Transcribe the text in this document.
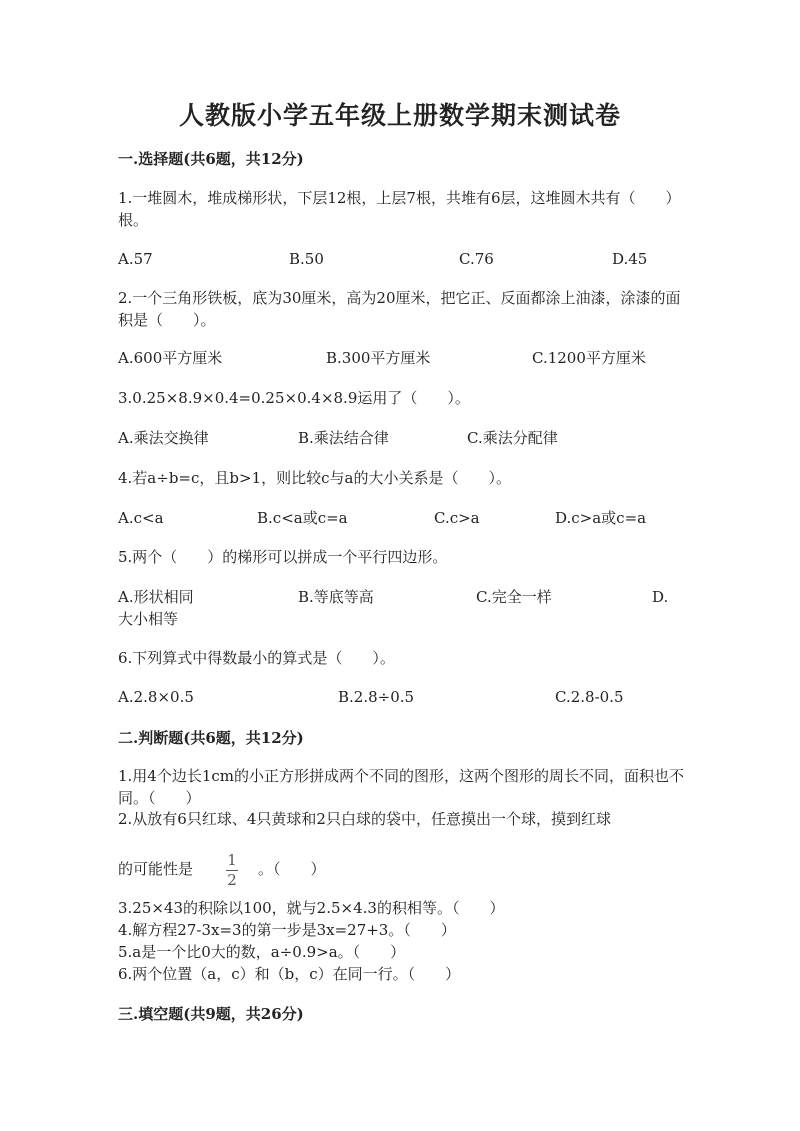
人教版小学五年级上册数学期末测试卷
一.选择题(共6题，共12分)
1.一堆圆木，堆成梯形状，下层12根，上层7根，共堆有6层，这堆圆木共有（　　）根。
A.57	B.50	C.76	D.45
2.一个三角形铁板，底为30厘米，高为20厘米，把它正、反面都涂上油漆，涂漆的面积是（　　）。
A.600平方厘米	B.300平方厘米	C.1200平方厘米
3.0.25×8.9×0.4=0.25×0.4×8.9运用了（　　）。
A.乘法交换律	B.乘法结合律	C.乘法分配律
4.若a÷b=c，且b>1，则比较c与a的大小关系是（　　）。
A.c<a	B.c<a或c=a	C.c>a	D.c>a或c=a
5.两个（　　）的梯形可以拼成一个平行四边形。
A.形状相同	B.等底等高	C.完全一样	D.
大小相等
6.下列算式中得数最小的算式是（　　）。
A.2.8×0.5	B.2.8÷0.5	C.2.8-0.5
二.判断题(共6题，共12分)
1.用4个边长1cm的小正方形拼成两个不同的图形，这两个图形的周长不同，面积也不同。（　　）
2.从放有6只红球、4只黄球和2只白球的袋中，任意摸出一个球，摸到红球
的可能性是 1
2
。（　　）
3.25×43的积除以100，就与2.5×4.3的积相等。（　　）
4.解方程27-3x=3的第一步是3x=27+3。（　　）
5.a是一个比0大的数，a÷0.9>a。（　　）
6.两个位置（a，c）和（b，c）在同一行。（　　）
三.填空题(共9题，共26分)
